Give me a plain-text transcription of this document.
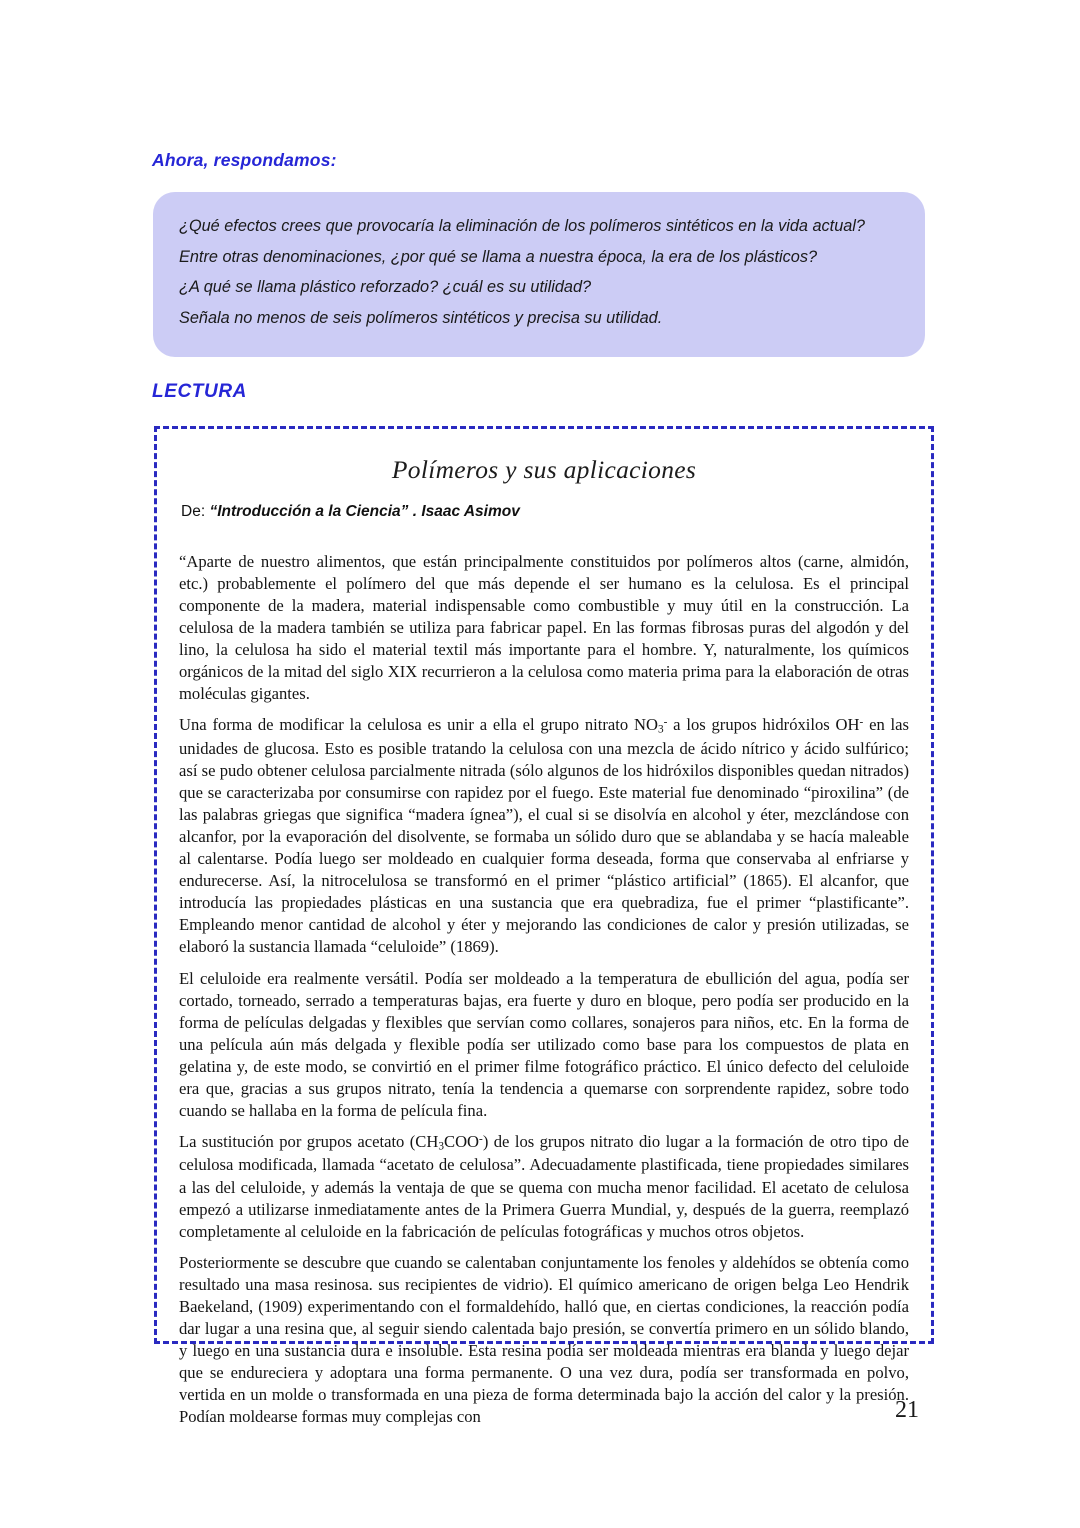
Ahora, respondamos:

¿Qué efectos crees que provocaría la eliminación de los polímeros sintéticos en la vida actual?

Entre otras denominaciones, ¿por qué se llama a nuestra época, la era de los plásticos?

¿A qué se llama plástico reforzado? ¿cuál es su utilidad?

Señala no menos de seis polímeros sintéticos y precisa su utilidad.

LECTURA
Polímeros y sus aplicaciones
De: “Introducción a la Ciencia” . Isaac Asimov

“Aparte de nuestro alimentos, que están principalmente constituidos por polímeros altos (carne, almidón, etc.) probablemente el polímero del que más depende el ser humano es la celulosa. Es el principal componente de la madera, material indispensable como combustible y muy útil en la construcción. La celulosa de la madera también se utiliza para fabricar papel. En las formas fibrosas puras del algodón y del lino, la celulosa ha sido el material textil más importante para el hombre. Y, naturalmente, los químicos orgánicos de la mitad del siglo XIX recurrieron a la celulosa como materia prima para la elaboración de otras moléculas gigantes.

Una forma de modificar la celulosa es unir a ella el grupo nitrato $NO_3^-$ a los grupos hidróxilos OH- en las unidades de glucosa. Esto es posible tratando la celulosa con una mezcla de ácido nítrico y ácido sulfúrico; así se pudo obtener celulosa parcialmente nitrada (sólo algunos de los hidróxilos disponibles quedan nitrados) que se caracterizaba por consumirse con rapidez por el fuego. Este material fue denominado “piroxilina” (de las palabras griegas que significa “madera ígnea”), el cual si se disolvía en alcohol y éter, mezclándose con alcanfor, por la evaporación del disolvente, se formaba un sólido duro que se ablandaba y se hacía maleable al calentarse. Podía luego ser moldeado en cualquier forma deseada, forma que conservaba al enfriarse y endurecerse. Así, la nitrocelulosa se transformó en el primer “plástico artificial” (1865). El alcanfor, que introducía las propiedades plásticas en una sustancia que era quebradiza, fue el primer “plastificante”. Empleando menor cantidad de alcohol y éter y mejorando las condiciones de calor y presión utilizadas, se elaboró la sustancia llamada “celuloide” (1869).

El celuloide era realmente versátil. Podía ser moldeado a la temperatura de ebullición del agua, podía ser cortado, torneado, serrado a temperaturas bajas, era fuerte y duro en bloque, pero podía ser producido en la forma de películas delgadas y flexibles que servían como collares, sonajeros para niños, etc. En la forma de una película aún más delgada y flexible podía ser utilizado como base para los compuestos de plata en gelatina y, de este modo, se convirtió en el primer filme fotográfico práctico. El único defecto del celuloide era que, gracias a sus grupos nitrato, tenía la tendencia a quemarse con sorprendente rapidez, sobre todo cuando se hallaba en la forma de película fina.

La sustitución por grupos acetato $(CH_3COO^-)$ de los grupos nitrato dio lugar a la formación de otro tipo de celulosa modificada, llamada “acetato de celulosa”. Adecuadamente plastificada, tiene propiedades similares a las del celuloide, y además la ventaja de que se quema con mucha menor facilidad. El acetato de celulosa empezó a utilizarse inmediatamente antes de la Primera Guerra Mundial, y, después de la guerra, reemplazó completamente al celuloide en la fabricación de películas fotográficas y muchos otros objetos.

Posteriormente se descubre que cuando se calentaban conjuntamente los fenoles y aldehídos se obtenía como resultado una masa resinosa. sus recipientes de vidrio). El químico americano de origen belga Leo Hendrik Baekeland, (1909) experimentando con el formaldehído, halló que, en ciertas condiciones, la reacción podía dar lugar a una resina que, al seguir siendo calentada bajo presión, se convertía primero en un sólido blando, y luego en una sustancia dura e insoluble. Esta resina podía ser moldeada mientras era blanda y luego dejar que se endureciera y adoptara una forma permanente. O una vez dura, podía ser transformada en polvo, vertida en un molde o transformada en una pieza de forma determinada bajo la acción del calor y la presión. Podían moldearse formas muy complejas con	21
